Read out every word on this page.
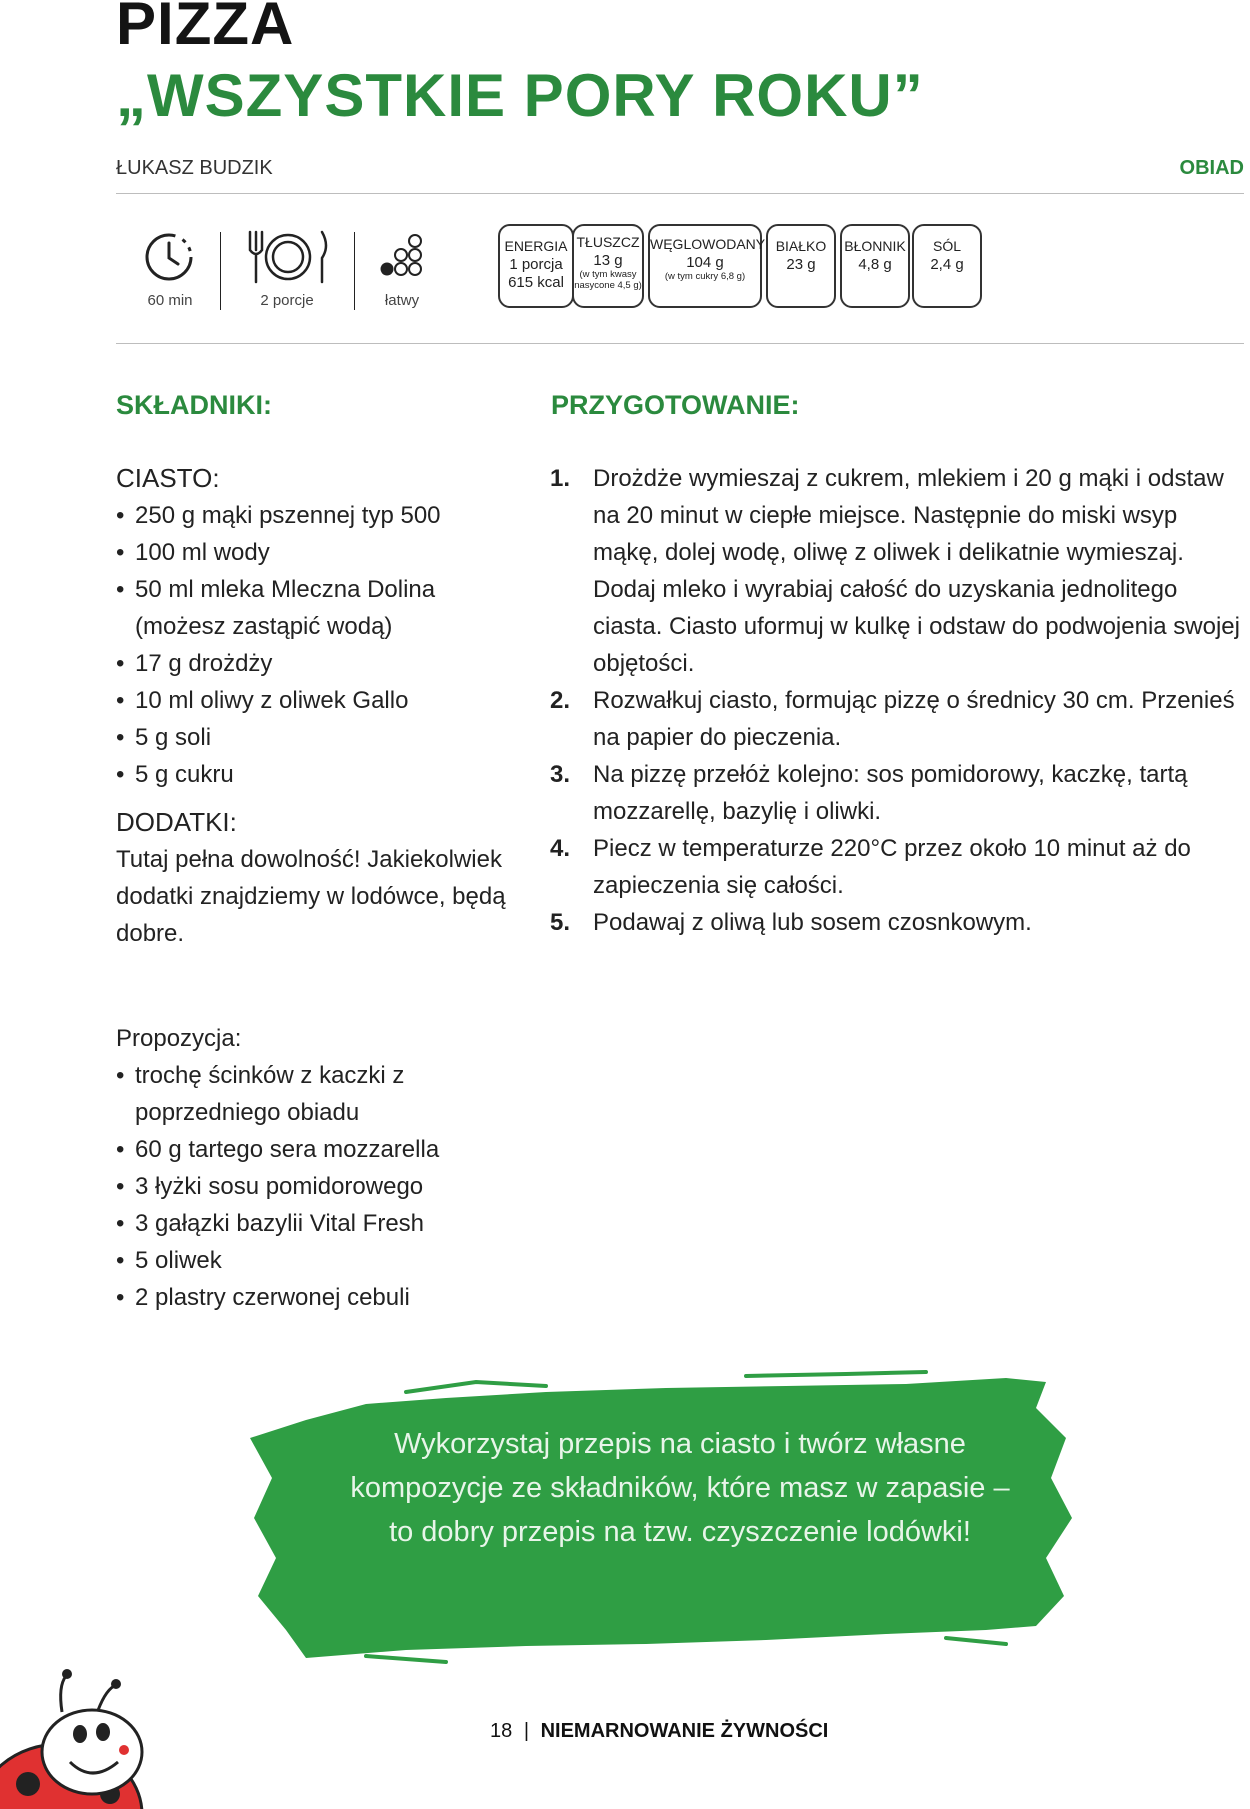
PIZZA
„WSZYSTKIE PORY ROKU”
ŁUKASZ BUDZIK	OBIAD
60 min	2 porcje	łatwy
ENERGIA
1 porcja
615 kcal
TŁUSZCZ
13 g
(w tym kwasy
nasycone 4,5 g)
WĘGLOWODANY
104 g
(w tym cukry 6,8 g)
BIAŁKO
23 g
BŁONNIK
4,8 g
SÓL
2,4 g
SKŁADNIKI:	PRZYGOTOWANIE:
CIASTO:
• 250 g mąki pszennej typ 500
• 100 ml wody
• 50 ml mleka Mleczna Dolina (możesz zastąpić wodą)
• 17 g drożdży
• 10 ml oliwy z oliwek Gallo
• 5 g soli
• 5 g cukru
DODATKI:
Tutaj pełna dowolność! Jakiekolwiek dodatki znajdziemy w lodówce, będą dobre.
Propozycja:
• trochę ścinków z kaczki z poprzedniego obiadu
• 60 g tartego sera mozzarella
• 3 łyżki sosu pomidorowego
• 3 gałązki bazylii Vital Fresh
• 5 oliwek
• 2 plastry czerwonej cebuli
1. Drożdże wymieszaj z cukrem, mlekiem i 20 g mąki i odstaw na 20 minut w ciepłe miejsce. Następnie do miski wsyp mąkę, dolej wodę, oliwę z oliwek i delikatnie wymieszaj. Dodaj mleko i wyrabiaj całość do uzyskania jednolitego ciasta. Ciasto uformuj w kulkę i odstaw do podwojenia swojej objętości.
2. Rozwałkuj ciasto, formując pizzę o średnicy 30 cm. Przenieś na papier do pieczenia.
3. Na pizzę przełóż kolejno: sos pomidorowy, kaczkę, tartą mozzarellę, bazylię i oliwki.
4. Piecz w temperaturze 220°C przez około 10 minut aż do zapieczenia się całości.
5. Podawaj z oliwą lub sosem czosnkowym.
Wykorzystaj przepis na ciasto i twórz własne
kompozycje ze składników, które masz w zapasie –
to dobry przepis na tzw. czyszczenie lodówki!
18 | NIEMARNOWANIE ŻYWNOŚCI
